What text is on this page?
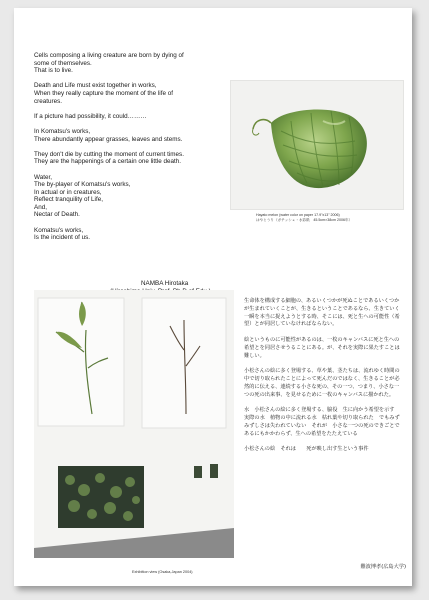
Cells composing a living creature are born by dying of
some of themselves.
That is to live.

Death and Life must exist together in works,
When they really capture the moment of the life of
creatures.

If a picture had possibility, it could………

In Komatsu's works,
There abundantly appear grasses, leaves and stems.

They don't die by cutting the moment of current times.
They are the happenings of a certain one little death.

Water,
The by-player of Komatsu's works,
In actual or in creatures,
Reflect tranquility of Life,
And,
Nectar of Death.

Komatsu's works,
Is the incident of us.

NAMBA Hirotaka
Hayato melon (water color on paper 17.9"x13" 2006)
はやとうり（ガチッシュ・水彩紙　45.5cm×38cm 2006年）
Exhibition view (Osaka,Japan 2004)

生命体を構成する細胞の、あるいくつかが死ぬことであるいくつかが生まれていくことが、生きるということであるなら、生きていく一瞬を本当に捉えようとする時、そこには、死と生への可能性（希望）とが同居していなければならない。

絵というものに可能性があるのは、一枚のキャンバスに死と生への希望とを同居させうることにある。が、それを実際に果たすことは難しい。

小松さんの絵に多く登場する、草や葉、茎たちは、流れゆく時間の中で切り取られたことによって死んだのではなく、生きることが必然的に伝える、連続する小さな死の、その一つ、つまり、小さな一つの死の出来事、を見せるために一枚のキャンバスに描かれた。

水　小松さんの絵に多く登場する、脇役　生に向かう希望を示す　実際の水　植物の中に流れる水　枯れ葉や切り取られた　でもみずみずしさは失われていない　それが　小さな一つの死のできごとであるにもかかわらず、生への希望をたたえている

小松さんの絵　それは　　死が映し出す生という事件

難波博孝(広島大学)
